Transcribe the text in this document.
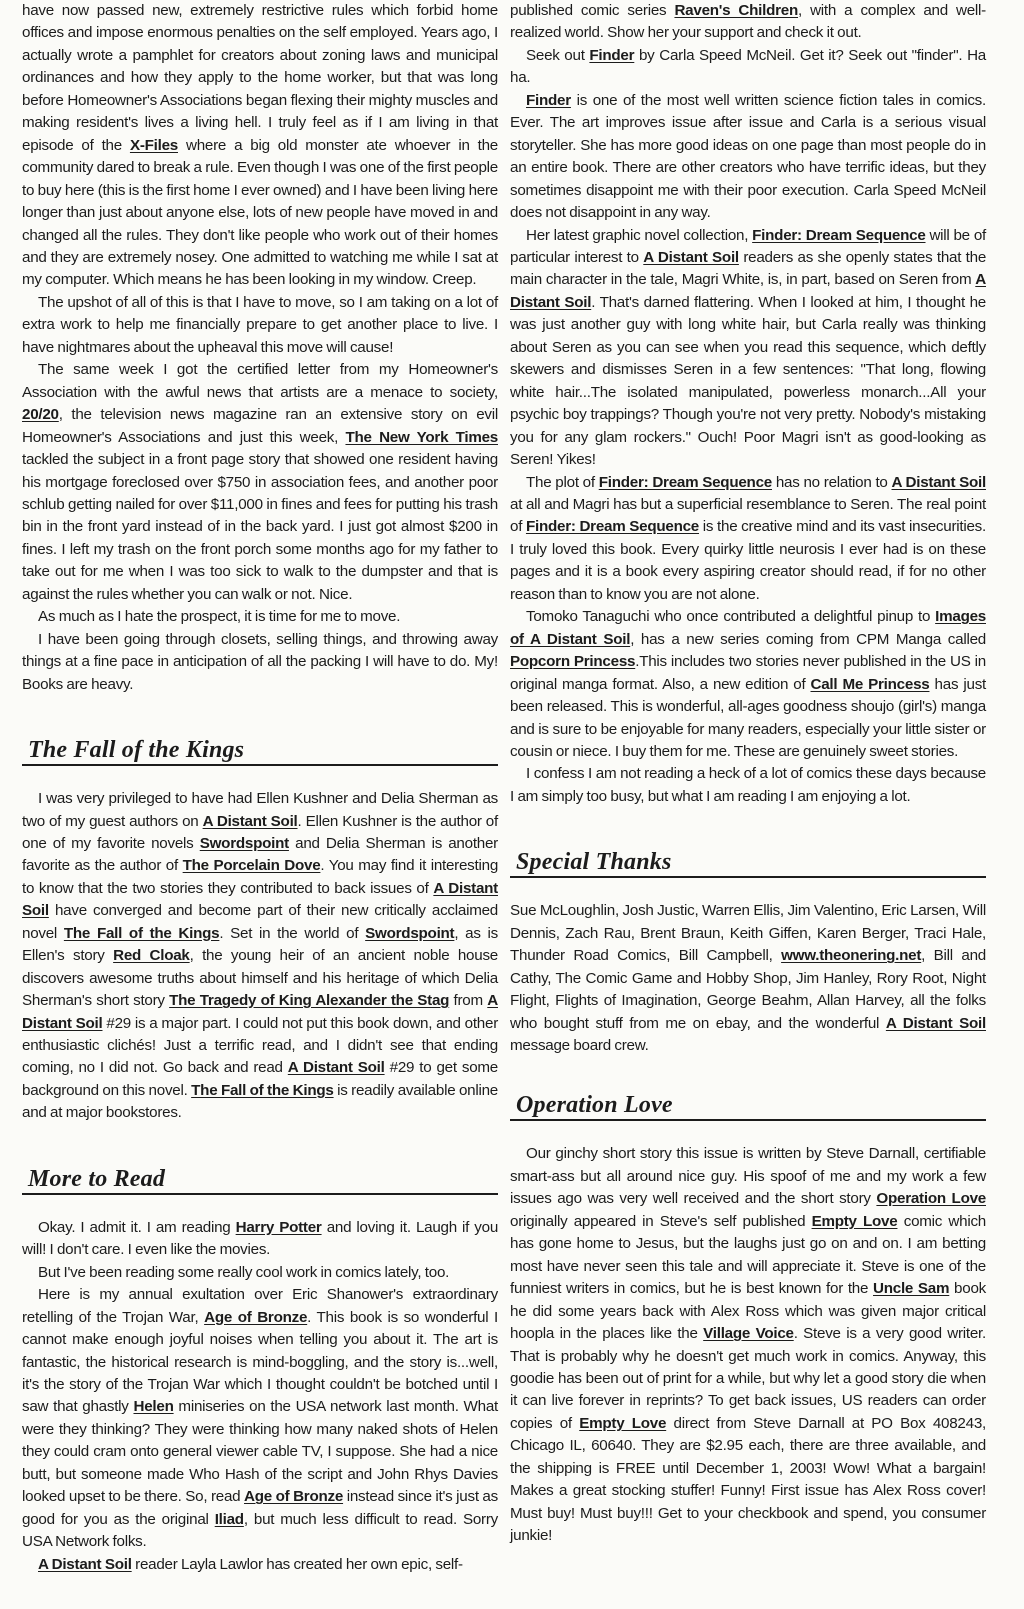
have now passed new, extremely restrictive rules which forbid home offices and impose enormous penalties on the self employed. Years ago, I actually wrote a pamphlet for creators about zoning laws and municipal ordinances and how they apply to the home worker, but that was long before Homeowner's Associations began flexing their mighty muscles and making resident's lives a living hell. I truly feel as if I am living in that episode of the X-Files where a big old monster ate whoever in the community dared to break a rule. Even though I was one of the first people to buy here (this is the first home I ever owned) and I have been living here longer than just about anyone else, lots of new people have moved in and changed all the rules. They don't like people who work out of their homes and they are extremely nosey. One admitted to watching me while I sat at my computer. Which means he has been looking in my window. Creep.

The upshot of all of this is that I have to move, so I am taking on a lot of extra work to help me financially prepare to get another place to live. I have nightmares about the upheaval this move will cause!

The same week I got the certified letter from my Homeowner's Association with the awful news that artists are a menace to society, 20/20, the television news magazine ran an extensive story on evil Homeowner's Associations and just this week, The New York Times tackled the subject in a front page story that showed one resident having his mortgage foreclosed over $750 in association fees, and another poor schlub getting nailed for over $11,000 in fines and fees for putting his trash bin in the front yard instead of in the back yard. I just got almost $200 in fines. I left my trash on the front porch some months ago for my father to take out for me when I was too sick to walk to the dumpster and that is against the rules whether you can walk or not. Nice.

As much as I hate the prospect, it is time for me to move.

I have been going through closets, selling things, and throwing away things at a fine pace in anticipation of all the packing I will have to do. My! Books are heavy.

The Fall of the Kings

I was very privileged to have had Ellen Kushner and Delia Sherman as two of my guest authors on A Distant Soil. Ellen Kushner is the author of one of my favorite novels Swordspoint and Delia Sherman is another favorite as the author of The Porcelain Dove. You may find it interesting to know that the two stories they contributed to back issues of A Distant Soil have converged and become part of their new critically acclaimed novel The Fall of the Kings. Set in the world of Swordspoint, as is Ellen's story Red Cloak, the young heir of an ancient noble house discovers awesome truths about himself and his heritage of which Delia Sherman's short story The Tragedy of King Alexander the Stag from A Distant Soil #29 is a major part. I could not put this book down, and other enthusiastic clichés! Just a terrific read, and I didn't see that ending coming, no I did not. Go back and read A Distant Soil #29 to get some background on this novel. The Fall of the Kings is readily available online and at major bookstores.

More to Read

Okay. I admit it. I am reading Harry Potter and loving it. Laugh if you will! I don't care. I even like the movies.

But I've been reading some really cool work in comics lately, too.

Here is my annual exultation over Eric Shanower's extraordinary retelling of the Trojan War, Age of Bronze. This book is so wonderful I cannot make enough joyful noises when telling you about it. The art is fantastic, the historical research is mind-boggling, and the story is...well, it's the story of the Trojan War which I thought couldn't be botched until I saw that ghastly Helen miniseries on the USA network last month. What were they thinking? They were thinking how many naked shots of Helen they could cram onto general viewer cable TV, I suppose. She had a nice butt, but someone made Who Hash of the script and John Rhys Davies looked upset to be there. So, read Age of Bronze instead since it's just as good for you as the original Iliad, but much less difficult to read. Sorry USA Network folks.

A Distant Soil reader Layla Lawlor has created her own epic, self-

published comic series Raven's Children, with a complex and well-realized world. Show her your support and check it out.

Seek out Finder by Carla Speed McNeil. Get it? Seek out "finder". Ha ha.

Finder is one of the most well written science fiction tales in comics. Ever. The art improves issue after issue and Carla is a serious visual storyteller. She has more good ideas on one page than most people do in an entire book. There are other creators who have terrific ideas, but they sometimes disappoint me with their poor execution. Carla Speed McNeil does not disappoint in any way.

Her latest graphic novel collection, Finder: Dream Sequence will be of particular interest to A Distant Soil readers as she openly states that the main character in the tale, Magri White, is, in part, based on Seren from A Distant Soil. That's darned flattering. When I looked at him, I thought he was just another guy with long white hair, but Carla really was thinking about Seren as you can see when you read this sequence, which deftly skewers and dismisses Seren in a few sentences: "That long, flowing white hair...The isolated manipulated, powerless monarch...All your psychic boy trappings? Though you're not very pretty. Nobody's mistaking you for any glam rockers." Ouch! Poor Magri isn't as good-looking as Seren! Yikes!

The plot of Finder: Dream Sequence has no relation to A Distant Soil at all and Magri has but a superficial resemblance to Seren. The real point of Finder: Dream Sequence is the creative mind and its vast insecurities. I truly loved this book. Every quirky little neurosis I ever had is on these pages and it is a book every aspiring creator should read, if for no other reason than to know you are not alone.

Tomoko Tanaguchi who once contributed a delightful pinup to Images of A Distant Soil, has a new series coming from CPM Manga called Popcorn Princess.This includes two stories never published in the US in original manga format. Also, a new edition of Call Me Princess has just been released. This is wonderful, all-ages goodness shoujo (girl's) manga and is sure to be enjoyable for many readers, especially your little sister or cousin or niece. I buy them for me. These are genuinely sweet stories.

I confess I am not reading a heck of a lot of comics these days because I am simply too busy, but what I am reading I am enjoying a lot.

Special Thanks

Sue McLoughlin, Josh Justic, Warren Ellis, Jim Valentino, Eric Larsen, Will Dennis, Zach Rau, Brent Braun, Keith Giffen, Karen Berger, Traci Hale, Thunder Road Comics, Bill Campbell, www.theonering.net, Bill and Cathy, The Comic Game and Hobby Shop, Jim Hanley, Rory Root, Night Flight, Flights of Imagination, George Beahm, Allan Harvey, all the folks who bought stuff from me on ebay, and the wonderful A Distant Soil message board crew.

Operation Love

Our ginchy short story this issue is written by Steve Darnall, certifiable smart-ass but all around nice guy. His spoof of me and my work a few issues ago was very well received and the short story Operation Love originally appeared in Steve's self published Empty Love comic which has gone home to Jesus, but the laughs just go on and on. I am betting most have never seen this tale and will appreciate it. Steve is one of the funniest writers in comics, but he is best known for the Uncle Sam book he did some years back with Alex Ross which was given major critical hoopla in the places like the Village Voice. Steve is a very good writer. That is probably why he doesn't get much work in comics. Anyway, this goodie has been out of print for a while, but why let a good story die when it can live forever in reprints? To get back issues, US readers can order copies of Empty Love direct from Steve Darnall at PO Box 408243, Chicago IL, 60640. They are $2.95 each, there are three available, and the shipping is FREE until December 1, 2003! Wow! What a bargain! Makes a great stocking stuffer! Funny! First issue has Alex Ross cover! Must buy! Must buy!!! Get to your checkbook and spend, you consumer junkie!
